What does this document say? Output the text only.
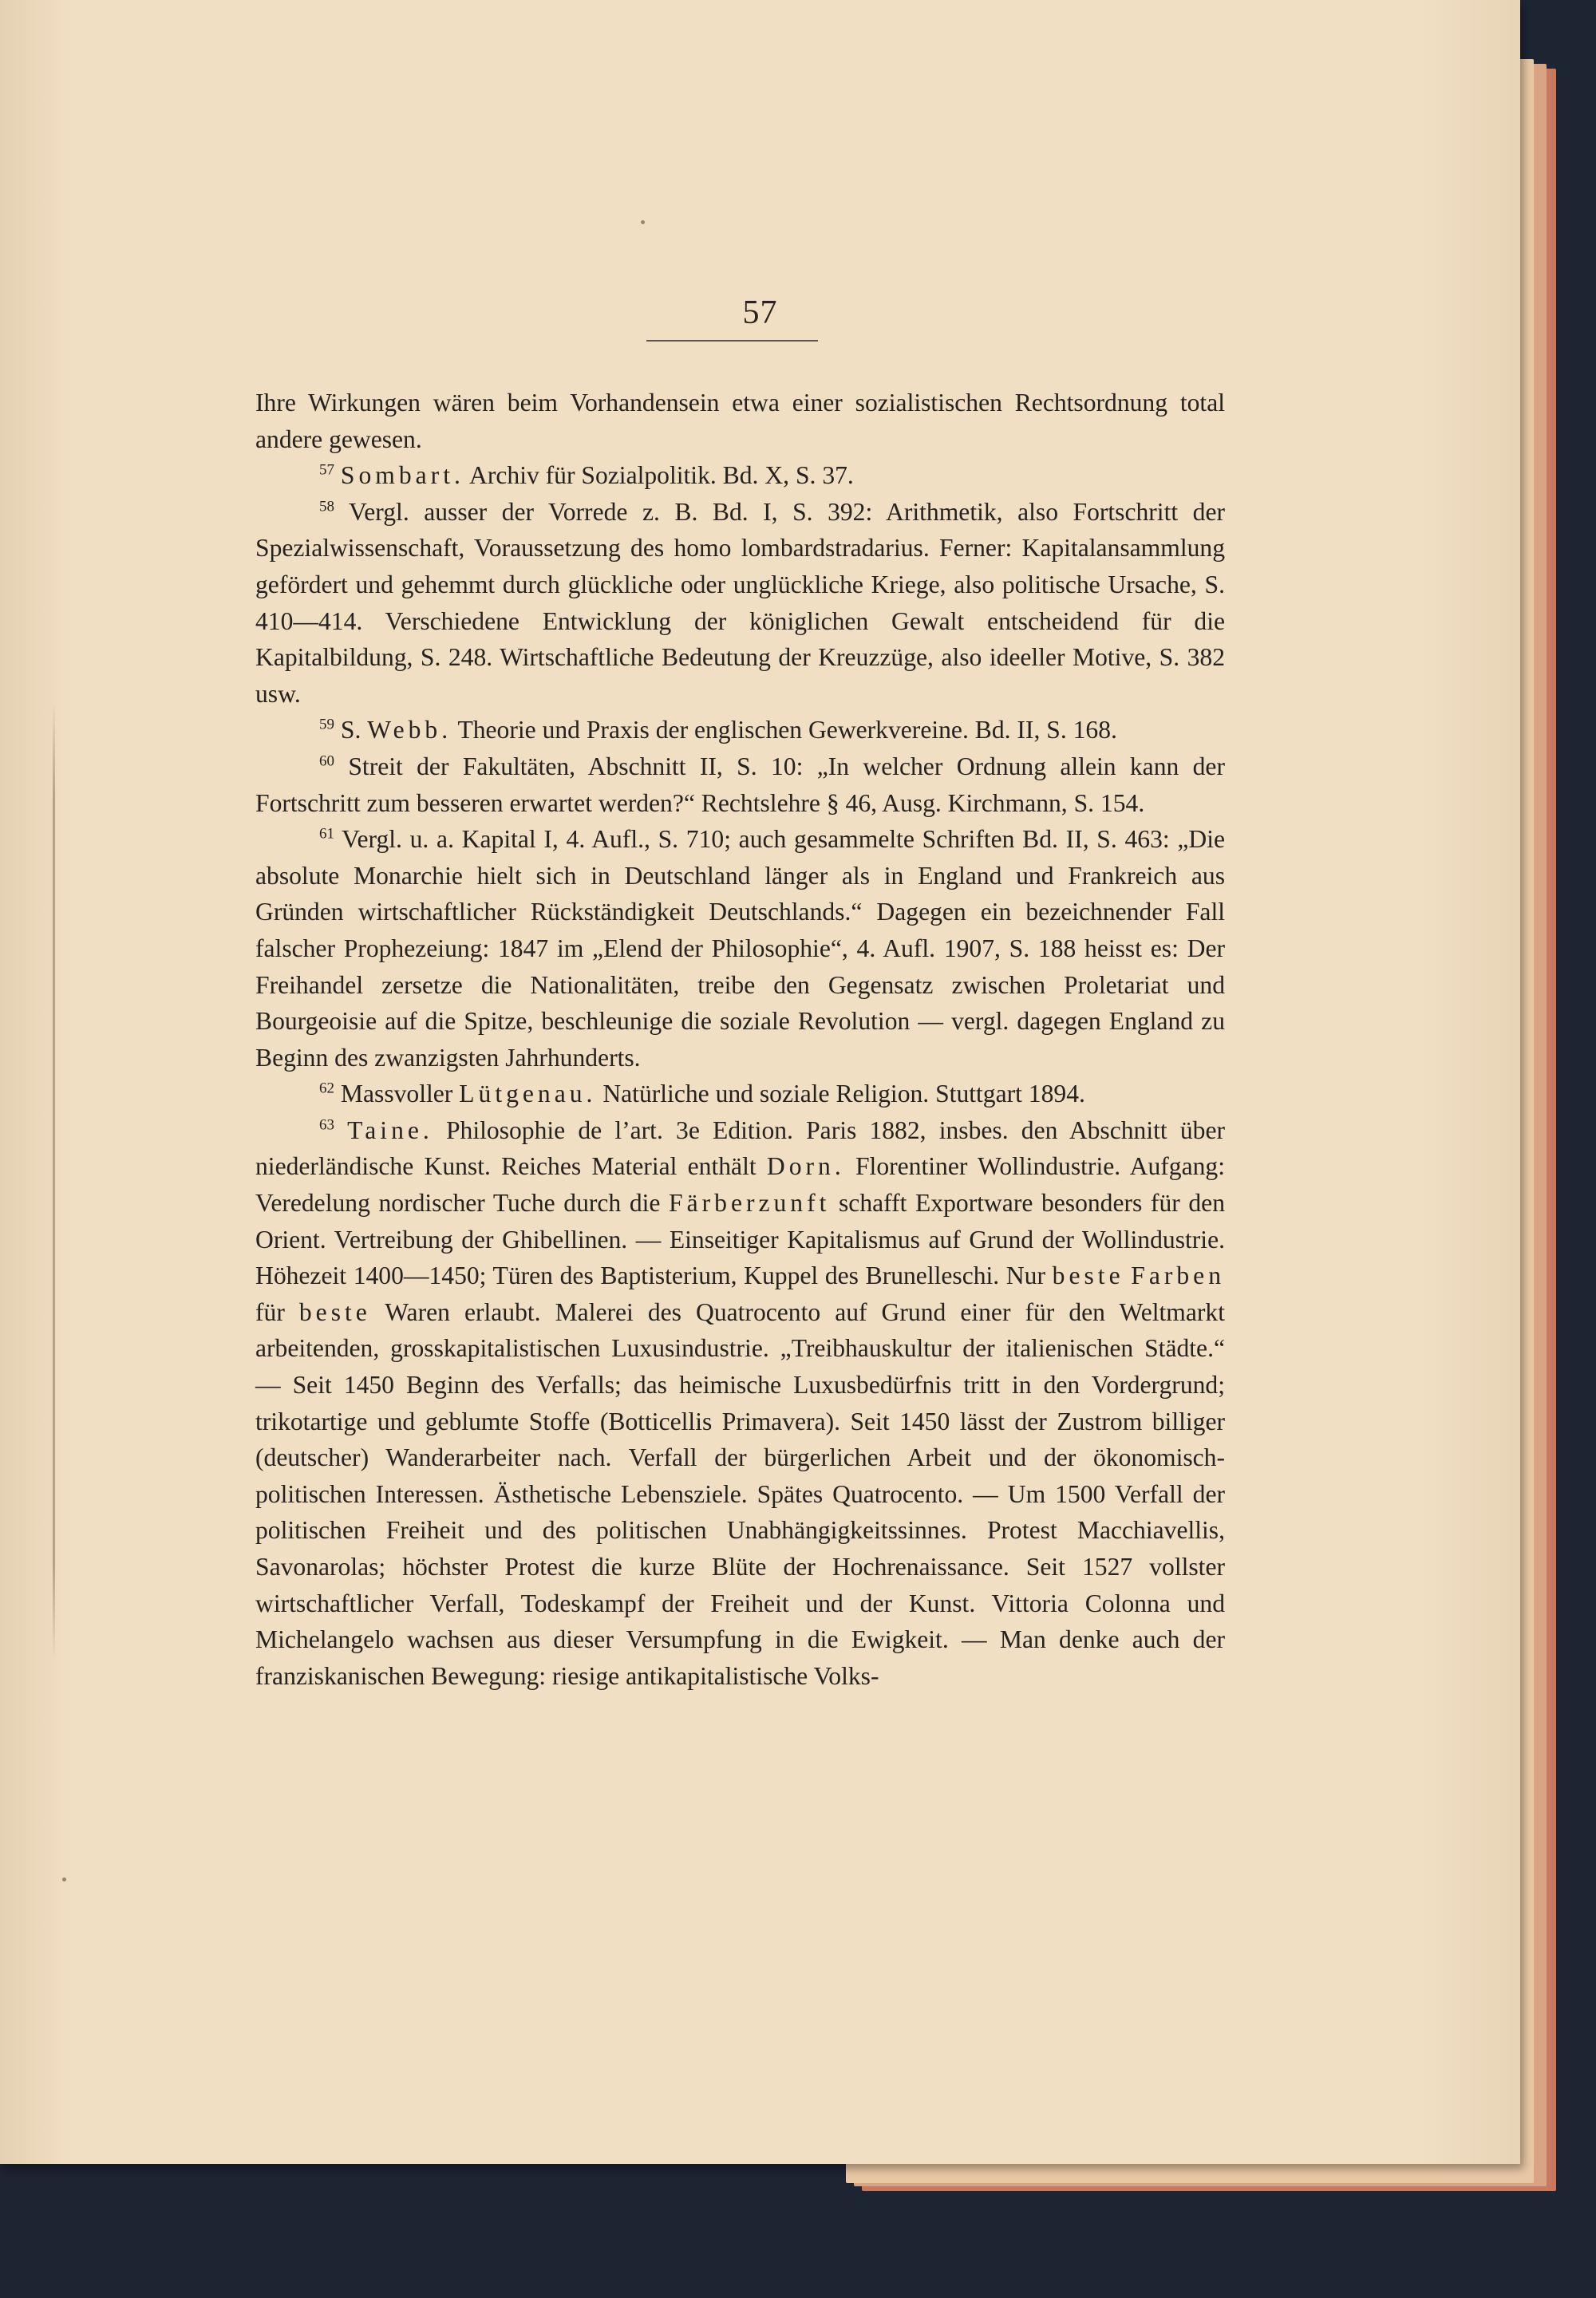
57

Ihre Wirkungen wären beim Vorhandensein etwa einer sozialistischen Rechtsordnung total andere gewesen.

$^{57}$ Sombart. Archiv für Sozialpolitik. Bd. X, S. 37.

$^{58}$ Vergl. ausser der Vorrede z. B. Bd. I, S. 392: Arithmetik, also Fortschritt der Spezialwissenschaft, Voraussetzung des homo lombardstradarius. Ferner: Kapitalansammlung gefördert und gehemmt durch glückliche oder unglückliche Kriege, also politische Ursache, S. 410—414. Verschiedene Entwicklung der königlichen Gewalt entscheidend für die Kapitalbildung, S. 248. Wirtschaftliche Bedeutung der Kreuzzüge, also ideeller Motive, S. 382 usw.

$^{59}$ S. Webb. Theorie und Praxis der englischen Gewerkvereine. Bd. II, S. 168.

$^{60}$ Streit der Fakultäten, Abschnitt II, S. 10: „In welcher Ordnung allein kann der Fortschritt zum besseren erwartet werden?“ Rechtslehre § 46, Ausg. Kirchmann, S. 154.

$^{61}$ Vergl. u. a. Kapital I, 4. Aufl., S. 710; auch gesammelte Schriften Bd. II, S. 463: „Die absolute Monarchie hielt sich in Deutschland länger als in England und Frankreich aus Gründen wirtschaftlicher Rückständigkeit Deutschlands.“ Dagegen ein bezeichnender Fall falscher Prophezeiung: 1847 im „Elend der Philosophie“, 4. Aufl. 1907, S. 188 heisst es: Der Freihandel zersetze die Nationalitäten, treibe den Gegensatz zwischen Proletariat und Bourgeoisie auf die Spitze, beschleunige die soziale Revolution — vergl. dagegen England zu Beginn des zwanzigsten Jahrhunderts.

$^{62}$ Massvoller Lütgenau. Natürliche und soziale Religion. Stuttgart 1894.

$^{63}$ Taine. Philosophie de l’art. 3e Edition. Paris 1882, insbes. den Abschnitt über niederländische Kunst. Reiches Material enthält Dorn. Florentiner Wollindustrie. Aufgang: Veredelung nordischer Tuche durch die Färberzunft schafft Exportware besonders für den Orient. Vertreibung der Ghibellinen. — Einseitiger Kapitalismus auf Grund der Wollindustrie. Höhezeit 1400—1450; Türen des Baptisterium, Kuppel des Brunelleschi. Nur beste Farben für beste Waren erlaubt. Malerei des Quatrocento auf Grund einer für den Weltmarkt arbeitenden, grosskapitalistischen Luxusindustrie. „Treibhauskultur der italienischen Städte.“ — Seit 1450 Beginn des Verfalls; das heimische Luxusbedürfnis tritt in den Vordergrund; trikotartige und geblumte Stoffe (Botticellis Primavera). Seit 1450 lässt der Zustrom billiger (deutscher) Wanderarbeiter nach. Verfall der bürgerlichen Arbeit und der ökonomisch-politischen Interessen. Ästhetische Lebensziele. Spätes Quatrocento. — Um 1500 Verfall der politischen Freiheit und des politischen Unabhängigkeitssinnes. Protest Macchiavellis, Savonarolas; höchster Protest die kurze Blüte der Hochrenaissance. Seit 1527 vollster wirtschaftlicher Verfall, Todeskampf der Freiheit und der Kunst. Vittoria Colonna und Michelangelo wachsen aus dieser Versumpfung in die Ewigkeit. — Man denke auch der franziskanischen Bewegung: riesige antikapitalistische Volks-
